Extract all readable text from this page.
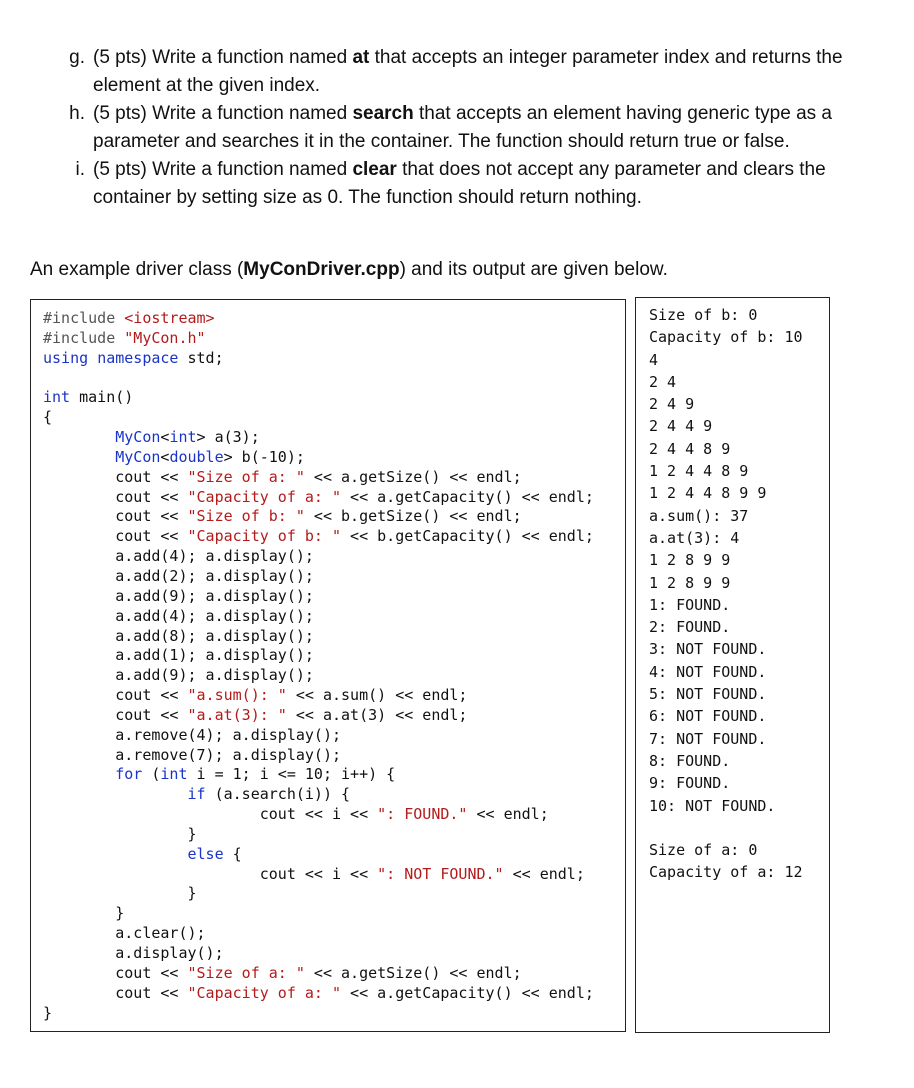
g. (5 pts) Write a function named at that accepts an integer parameter index and returns the element at the given index.
h. (5 pts) Write a function named search that accepts an element having generic type as a parameter and searches it in the container. The function should return true or false.
i. (5 pts) Write a function named clear that does not accept any parameter and clears the container by setting size as 0. The function should return nothing.
An example driver class (MyConDriver.cpp) and its output are given below.
#include <iostream>
#include "MyCon.h"
using namespace std;

int main()
{
MyCon<int> a(3);
MyCon<double> b(-10);
cout << "Size of a: " << a.getSize() << endl;
cout << "Capacity of a: " << a.getCapacity() << endl;
cout << "Size of b: " << b.getSize() << endl;
cout << "Capacity of b: " << b.getCapacity() << endl;
a.add(4); a.display();
a.add(2); a.display();
a.add(9); a.display();
a.add(4); a.display();
a.add(8); a.display();
a.add(1); a.display();
a.add(9); a.display();
cout << "a.sum(): " << a.sum() << endl;
cout << "a.at(3): " << a.at(3) << endl;
a.remove(4); a.display();
a.remove(7); a.display();
for (int i = 1; i <= 10; i++) {
if (a.search(i)) {
cout << i << ": FOUND." << endl;
}
else {
cout << i << ": NOT FOUND." << endl;
}
}
a.clear();
a.display();
cout << "Size of a: " << a.getSize() << endl;
cout << "Capacity of a: " << a.getCapacity() << endl;
}

Size of b: 0
Capacity of b: 10
4
2 4
2 4 9
2 4 4 9
2 4 4 8 9
1 2 4 4 8 9
1 2 4 4 8 9 9
a.sum(): 37
a.at(3): 4
1 2 8 9 9
1 2 8 9 9
1: FOUND.
2: FOUND.
3: NOT FOUND.
4: NOT FOUND.
5: NOT FOUND.
6: NOT FOUND.
7: NOT FOUND.
8: FOUND.
9: FOUND.
10: NOT FOUND.
Size of a: 0
Capacity of a: 12
